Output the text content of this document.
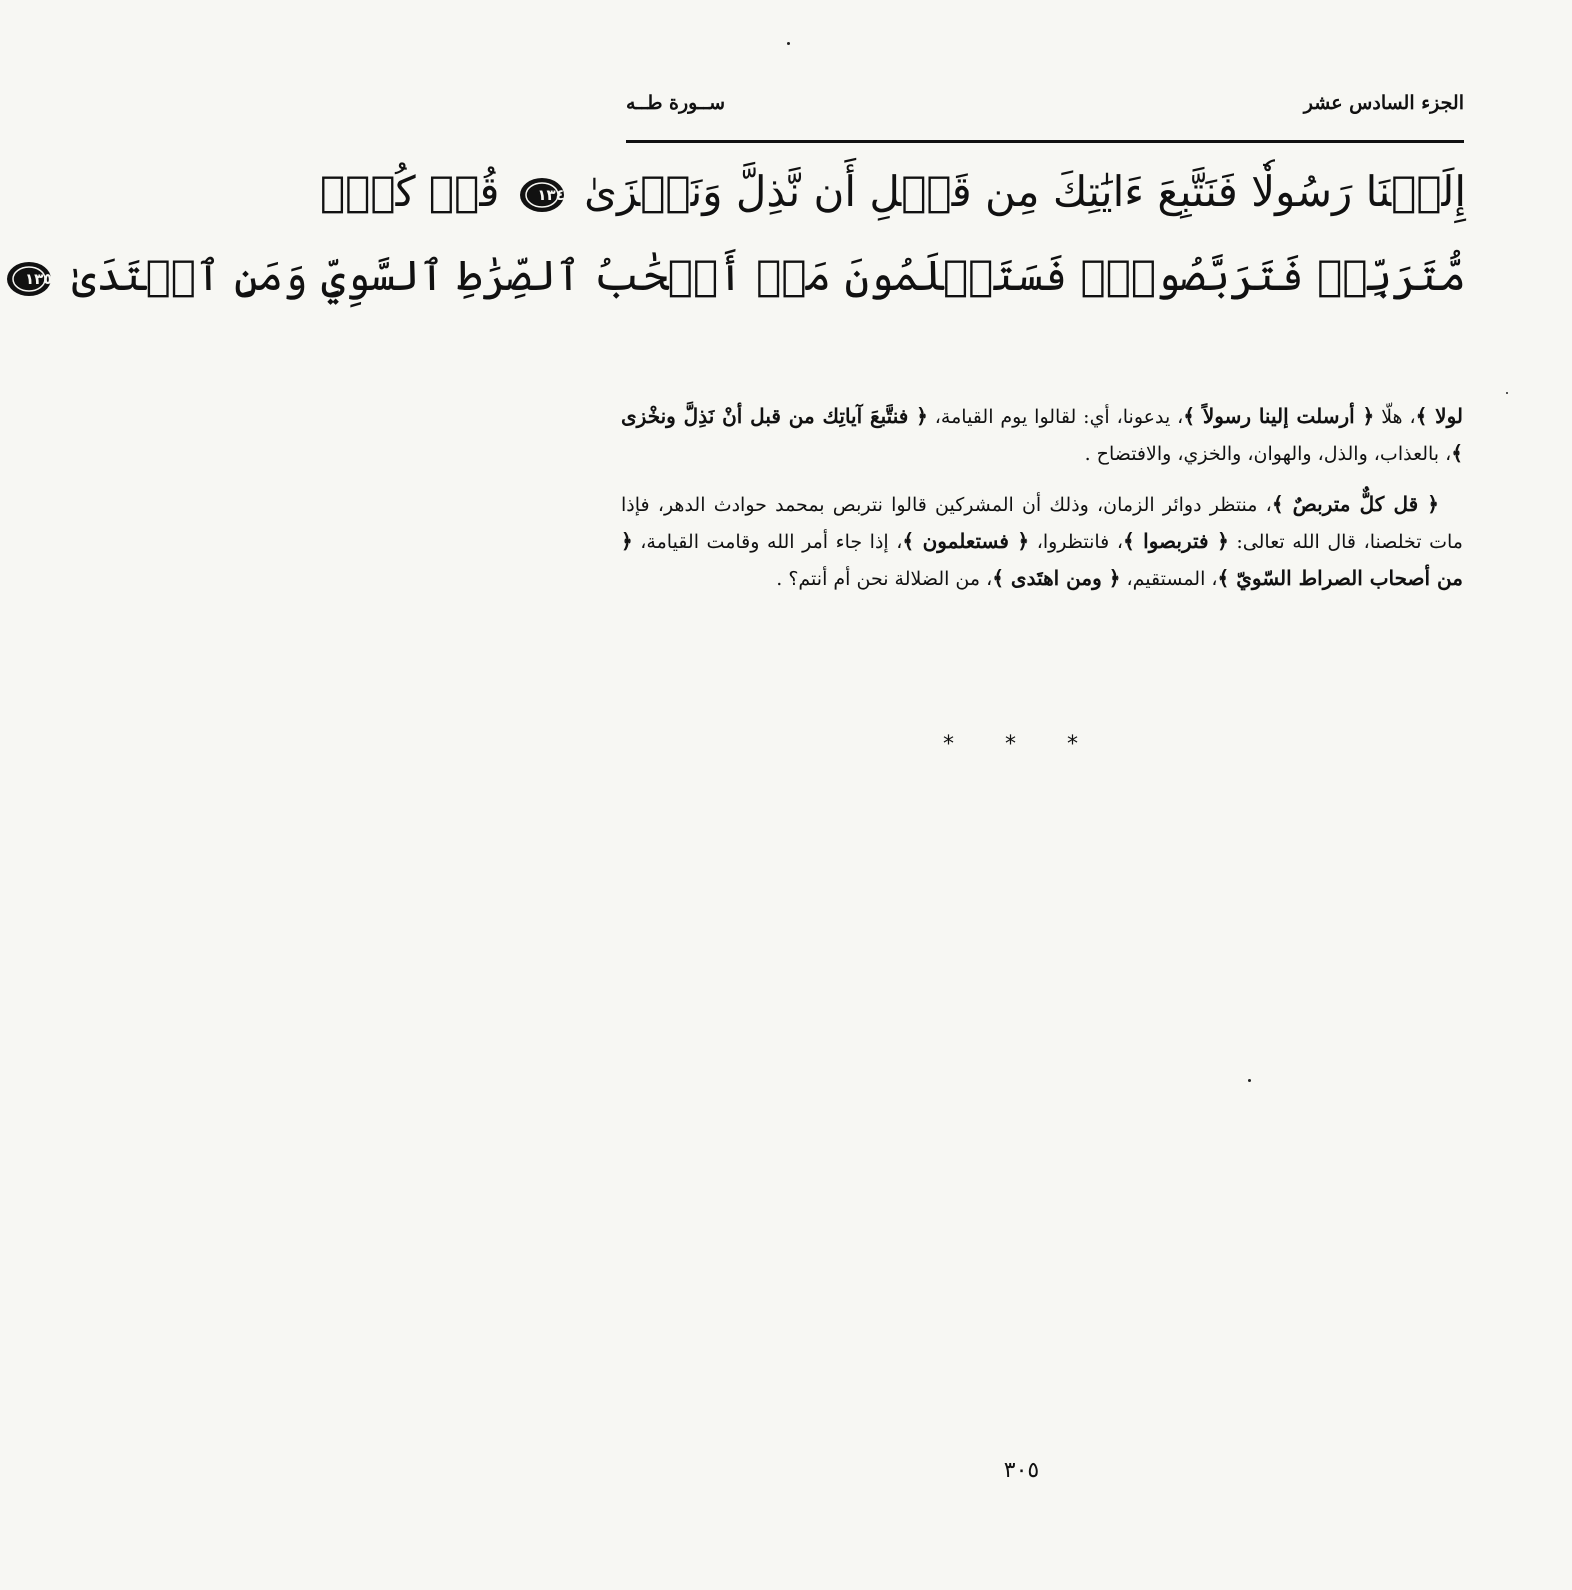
الجزء السادس عشر
ســورة طــه
إِلَيۡنَا رَسُولٗا فَنَتَّبِعَ ءَايَٰتِكَ مِن قَبۡلِ أَن نَّذِلَّ وَنَخۡزَىٰ
١٣٤
قُلۡ كُلّٞ
مُّتَرَبِّصٞ فَتَرَبَّصُواْۖ فَسَتَعۡلَمُونَ مَنۡ أَصۡحَٰبُ ٱلصِّرَٰطِ ٱلسَّوِيِّ وَمَنِ ٱهۡتَدَىٰ
١٣٥

لولا ﴾، هلّا ﴿ أرسلت إلينا رسولاً ﴾، يدعونا، أي: لقالوا يوم القيامة، ﴿ فنتَّبعَ آياتِك من قبل أنْ نَذِلَّ ونخْزى ﴾، بالعذاب، والذل، والهوان، والخزي، والافتضاح .

﴿ قل كلٌّ متربصٌ ﴾، منتظر دوائر الزمان، وذلك أن المشركين قالوا نتربص بمحمد حوادث الدهر، فإذا مات تخلصنا، قال الله تعالى: ﴿ فتربصوا ﴾، فانتظروا، ﴿ فستعلمون ﴾، إذا جاء أمر الله وقامت القيامة، ﴿ من أصحاب الصراط السّويّ ﴾، المستقيم، ﴿ ومن اهتَدى ﴾، من الضلالة نحن أم أنتم؟ .

* * *
٣٠٥
